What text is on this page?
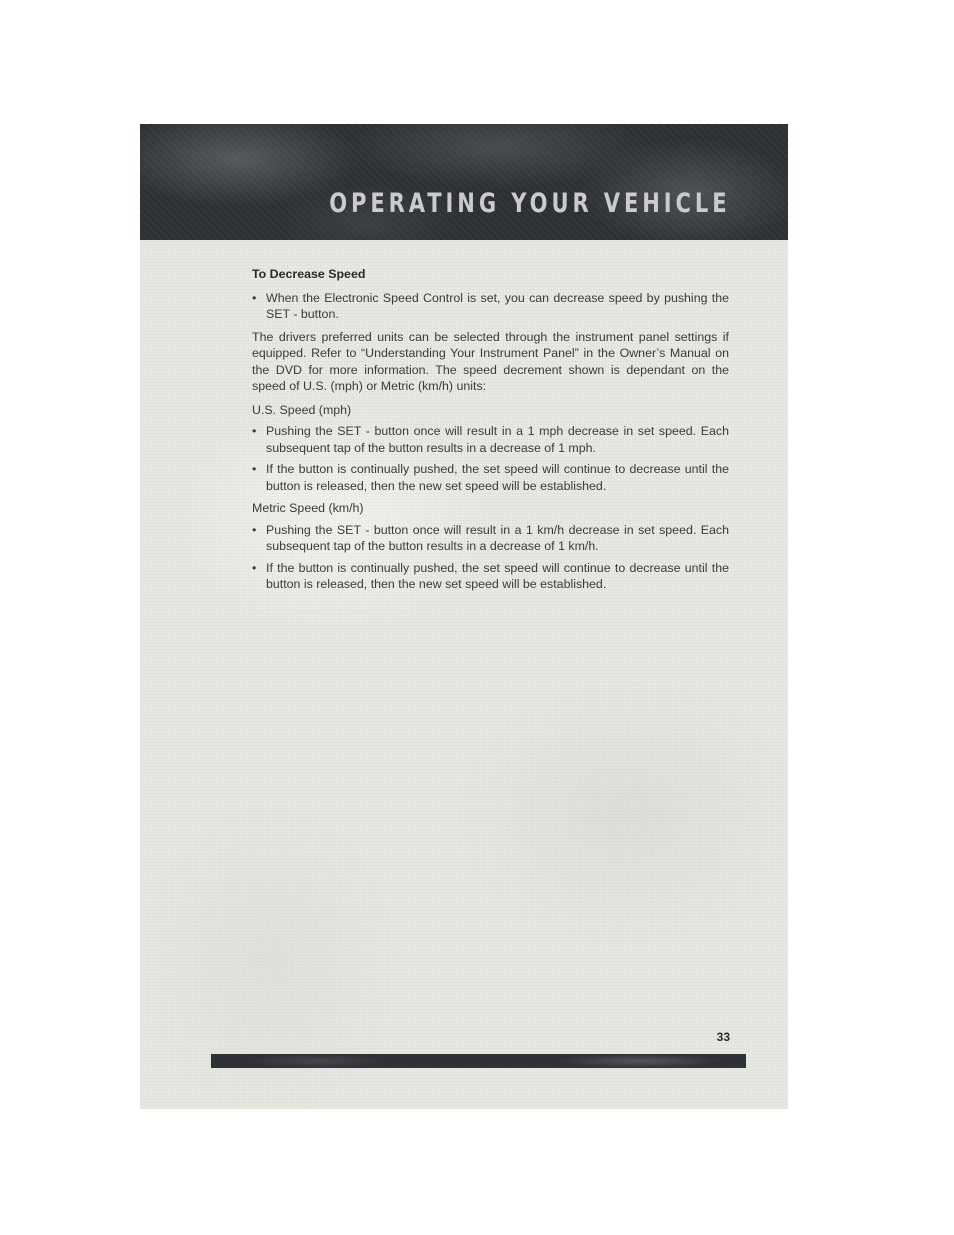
OPERATING YOUR VEHICLE

To Decrease Speed

• When the Electronic Speed Control is set, you can decrease speed by pushing the SET - button.

The drivers preferred units can be selected through the instrument panel settings if equipped. Refer to “Understanding Your Instrument Panel” in the Owner’s Manual on the DVD for more information. The speed decrement shown is dependant on the speed of U.S. (mph) or Metric (km/h) units:

U.S. Speed (mph)

• Pushing the SET - button once will result in a 1 mph decrease in set speed. Each subsequent tap of the button results in a decrease of 1 mph.
• If the button is continually pushed, the set speed will continue to decrease until the button is released, then the new set speed will be established.

Metric Speed (km/h)

• Pushing the SET - button once will result in a 1 km/h decrease in set speed. Each subsequent tap of the button results in a decrease of 1 km/h.
• If the button is continually pushed, the set speed will continue to decrease until the button is released, then the new set speed will be established.

33
